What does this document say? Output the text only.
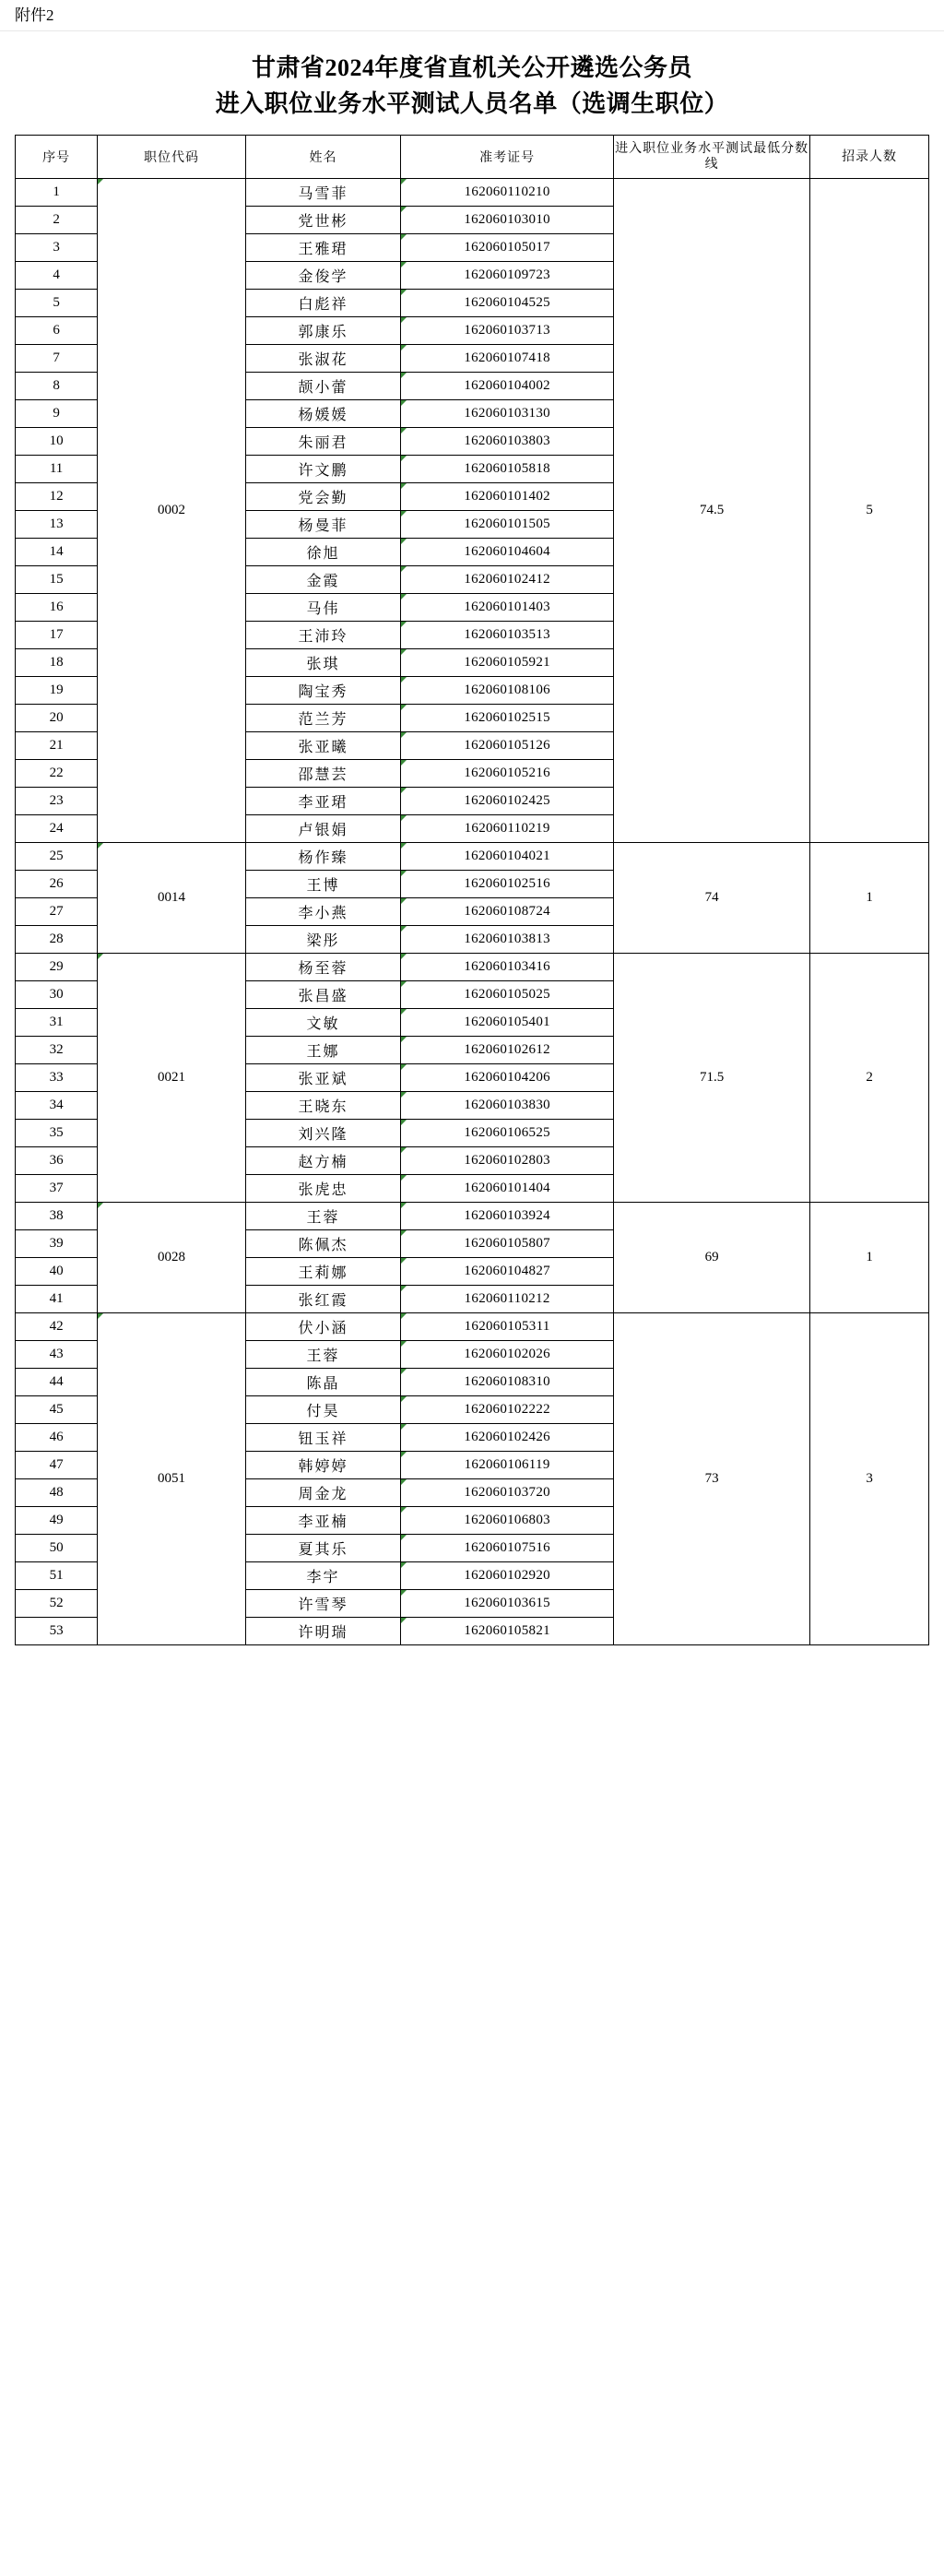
附件2
甘肃省2024年度省直机关公开遴选公务员
进入职位业务水平测试人员名单（选调生职位）
序号	职位代码	姓名	准考证号	进入职位业务水平测试最低分数线	招录人数
1	0002	马雪菲	162060110210	74.5	5
2		党世彬	162060103010		

3		王雅珺	162060105017		

4		金俊学	162060109723		

5		白彪祥	162060104525		

6		郭康乐	162060103713		

7		张淑花	162060107418		

8		颉小蕾	162060104002		

9		杨媛媛	162060103130		

10		朱丽君	162060103803		

11		许文鹏	162060105818		

12		党会勤	162060101402		

13		杨曼菲	162060101505		

14		徐旭	162060104604		

15		金霞	162060102412		

16		马伟	162060101403		

17		王沛玲	162060103513		

18		张琪	162060105921		

19		陶宝秀	162060108106		

20		范兰芳	162060102515		

21		张亚曦	162060105126		

22		邵慧芸	162060105216		

23		李亚珺	162060102425		

24		卢银娟	162060110219		

25	0014	杨作臻	162060104021	74	1
26		王博	162060102516		

27		李小燕	162060108724		

28		梁彤	162060103813		

29	0021	杨至蓉	162060103416	71.5	2
30		张昌盛	162060105025		

31		文敏	162060105401		

32		王娜	162060102612		

33		张亚斌	162060104206		

34		王晓东	162060103830		

35		刘兴隆	162060106525		

36		赵方楠	162060102803		

37		张虎忠	162060101404		

38	0028	王蓉	162060103924	69	1
39		陈佩杰	162060105807		

40		王莉娜	162060104827		

41		张红霞	162060110212		

42	0051	伏小涵	162060105311	73	3
43		王蓉	162060102026		

44		陈晶	162060108310		

45		付昊	162060102222		

46		钮玉祥	162060102426		

47		韩婷婷	162060106119		

48		周金龙	162060103720		

49		李亚楠	162060106803		

50		夏其乐	162060107516		

51		李宇	162060102920		

52		许雪琴	162060103615		

53		许明瑞	162060105821		
